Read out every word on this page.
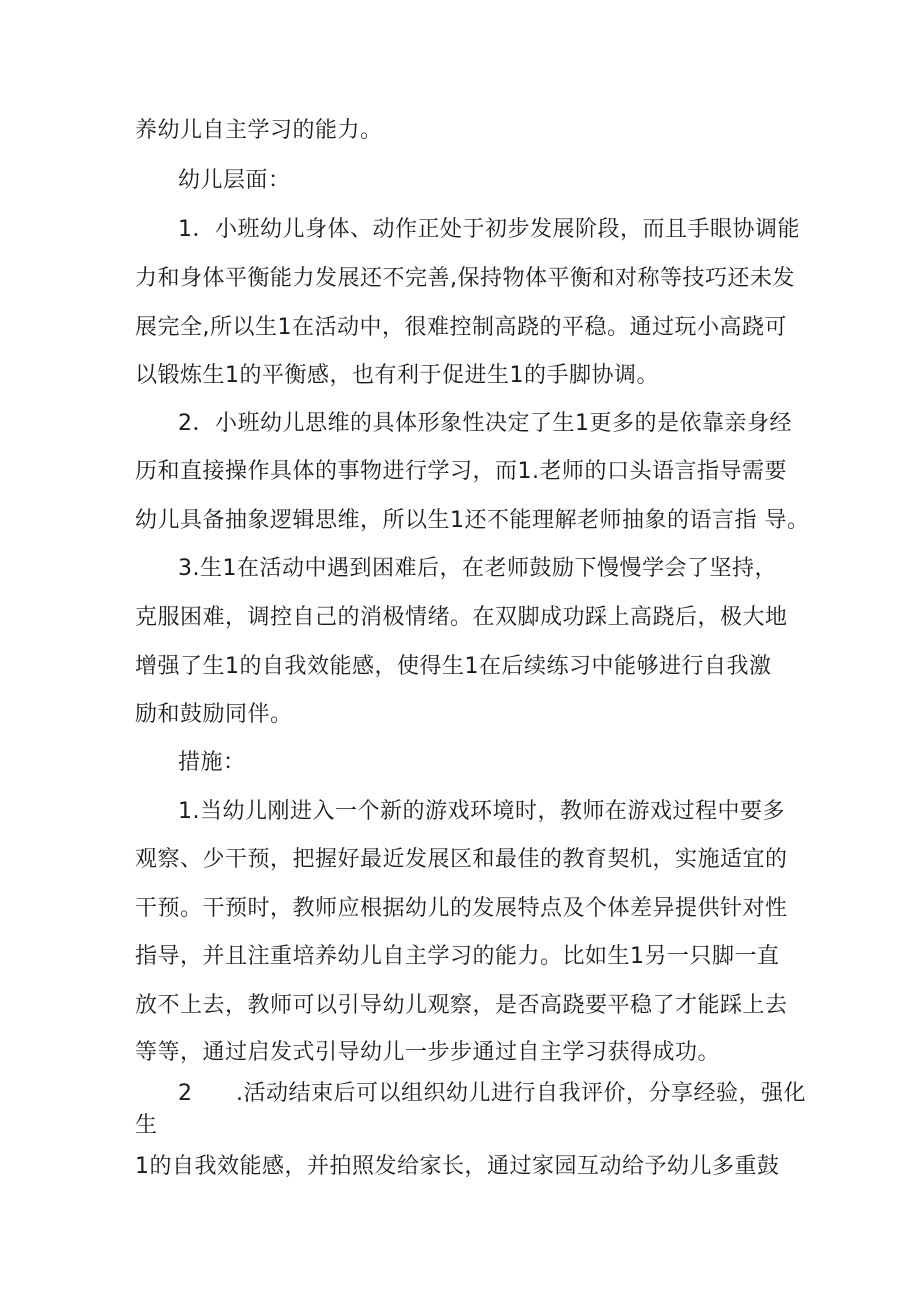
养幼儿自主学习的能力。
幼儿层面：
1．小班幼儿身体、动作正处于初步发展阶段，而且手眼协调能
力和身体平衡能力发展还不完善,保持物体平衡和对称等技巧还未发
展完全,所以生1在活动中，很难控制高跷的平稳。通过玩小高跷可
以锻炼生1的平衡感，也有利于促进生1的手脚协调。
2．小班幼儿思维的具体形象性决定了生1更多的是依靠亲身经
历和直接操作具体的事物进行学习，而1.老师的口头语言指导需要
幼儿具备抽象逻辑思维，所以生1还不能理解老师抽象的语言指 导。
3.生1在活动中遇到困难后，在老师鼓励下慢慢学会了坚持，
克服困难，调控自己的消极情绪。在双脚成功踩上高跷后，极大地
增强了生1的自我效能感，使得生1在后续练习中能够进行自我激
励和鼓励同伴。
措施：
1.当幼儿刚进入一个新的游戏环境时，教师在游戏过程中要多
观察、少干预，把握好最近发展区和最佳的教育契机，实施适宜的
干预。干预时，教师应根据幼儿的发展特点及个体差异提供针对性
指导，并且注重培养幼儿自主学习的能力。比如生1另一只脚一直
放不上去，教师可以引导幼儿观察，是否高跷要平稳了才能踩上去
等等，通过启发式引导幼儿一步步通过自主学习获得成功。
2 .活动结束后可以组织幼儿进行自我评价，分享经验，强化
生
1的自我效能感，并拍照发给家长，通过家园互动给予幼儿多重鼓
